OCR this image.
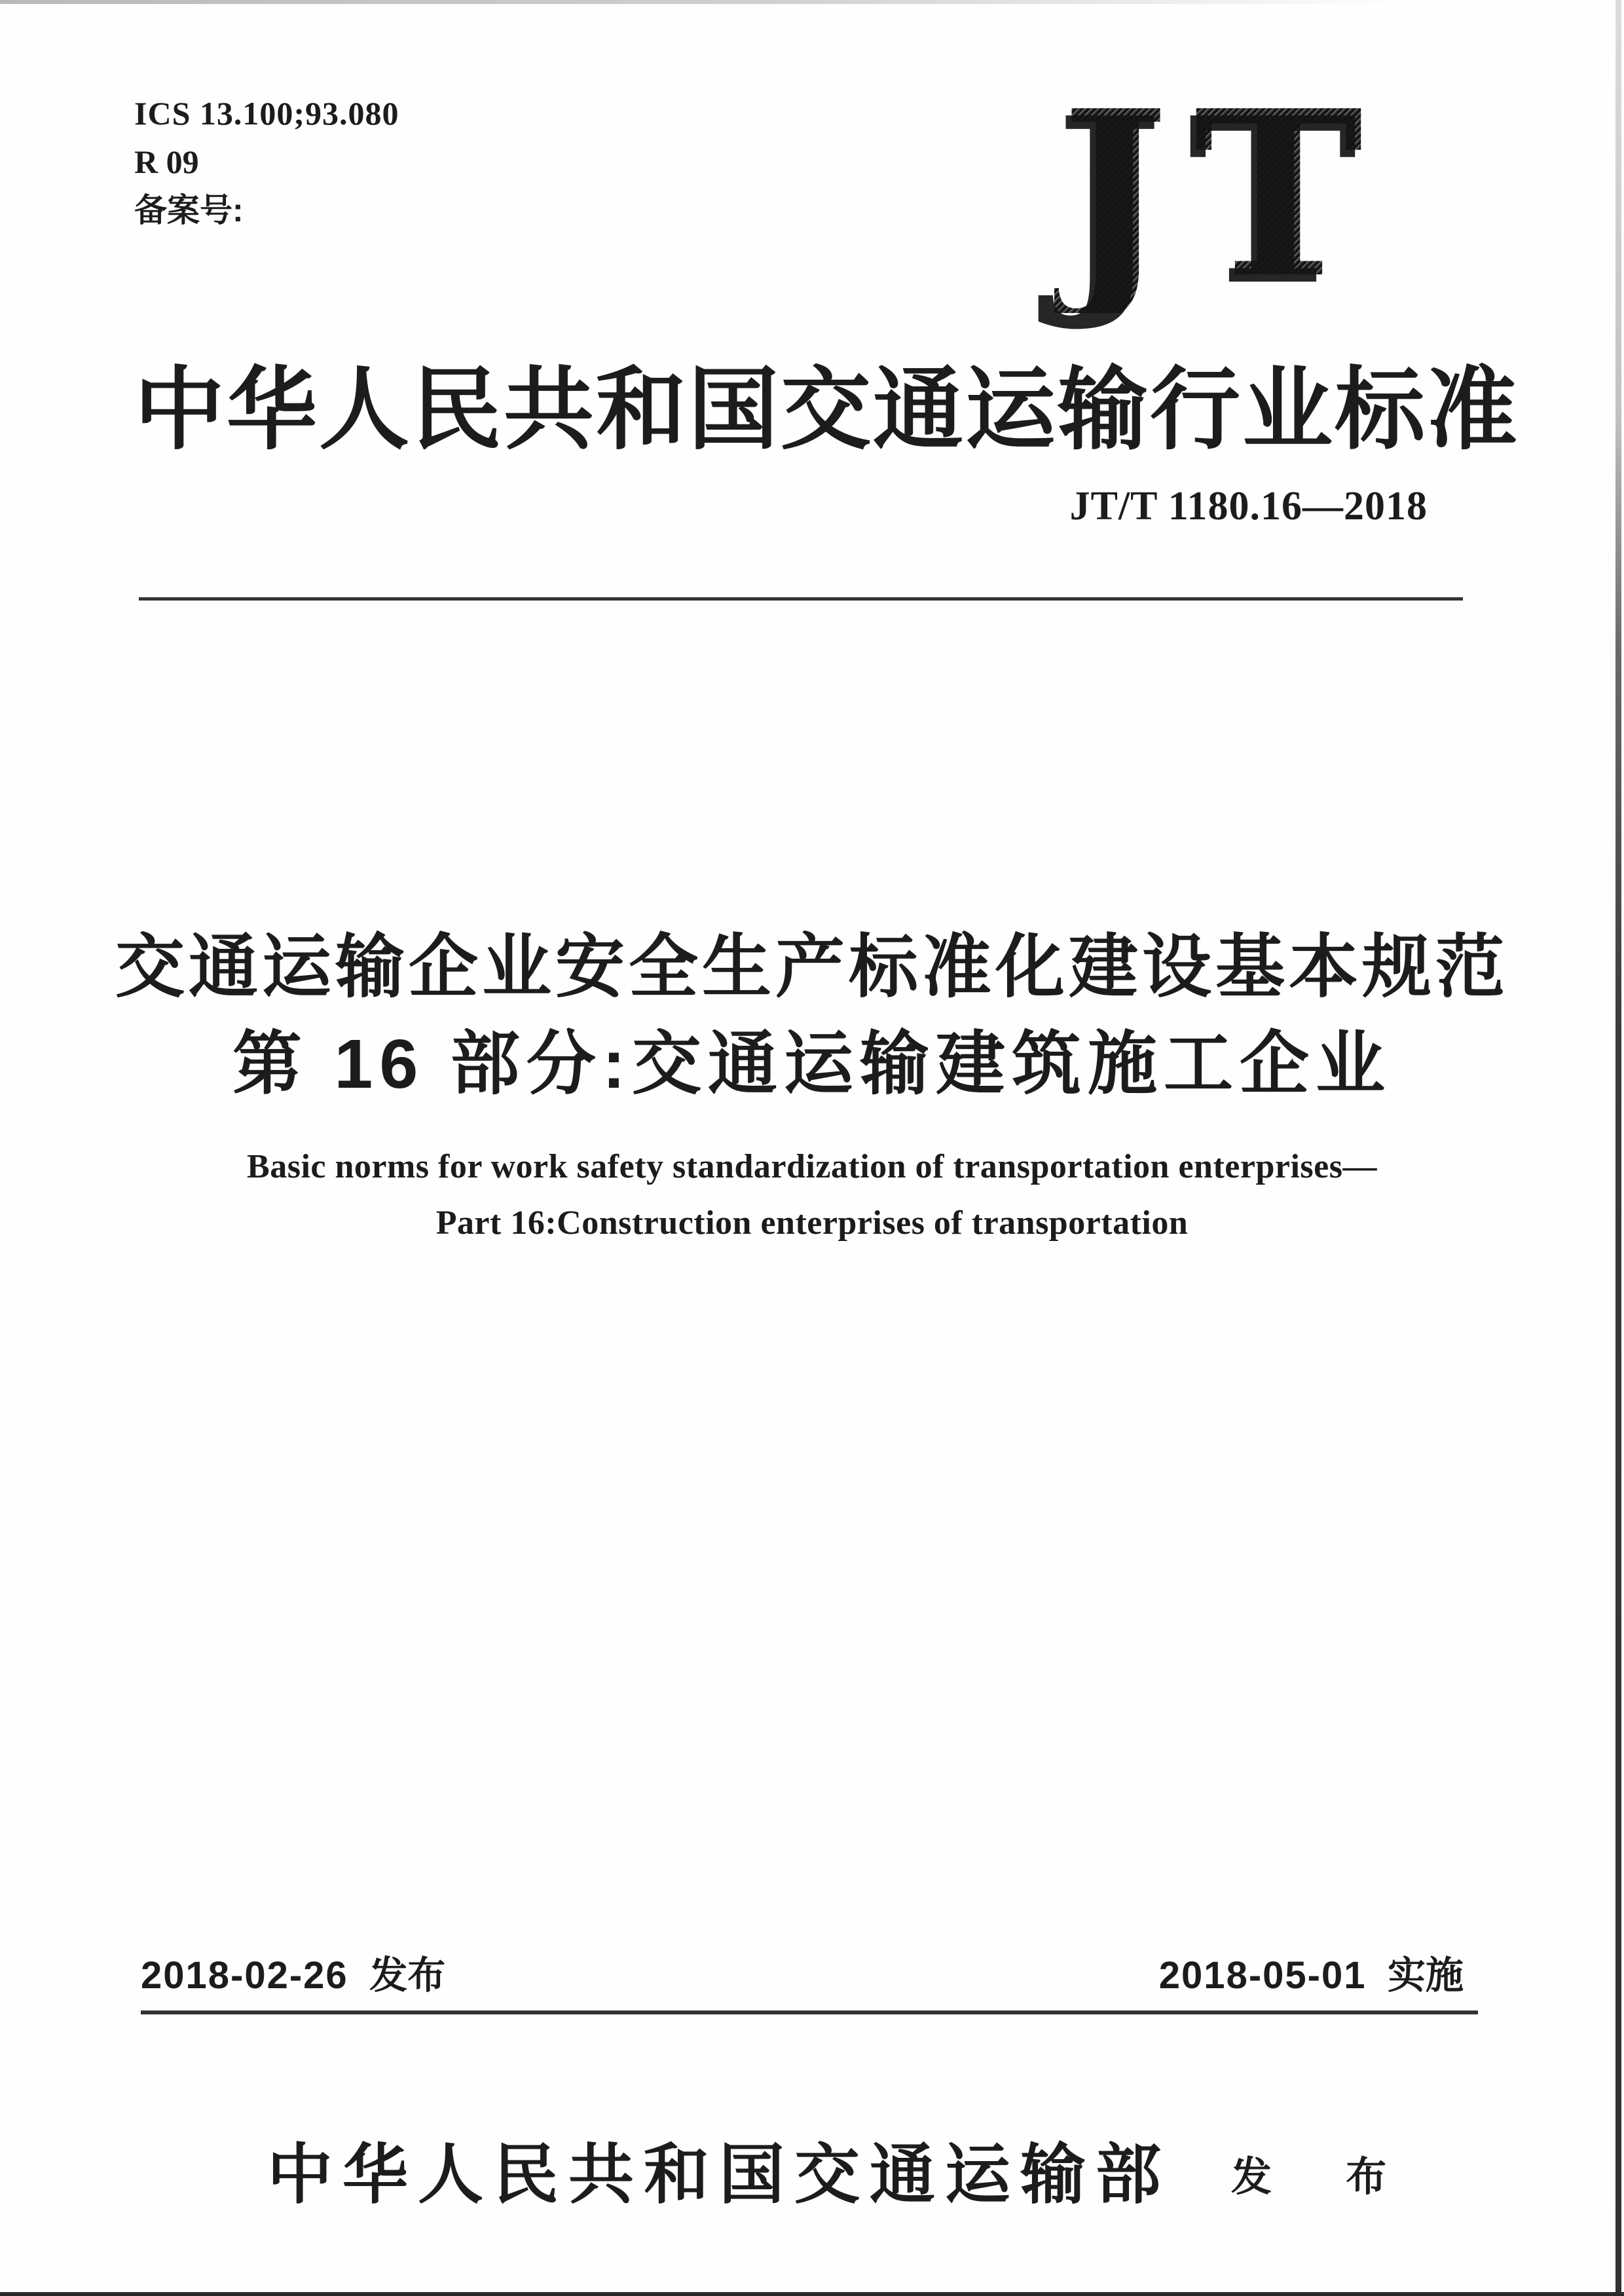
ICS 13.100;93.080
R 09
备案号:	JT
中华人民共和国交通运输行业标准
JT/T 1180.16—2018
交通运输企业安全生产标准化建设基本规范
第 16 部分:交通运输建筑施工企业
Basic norms for work safety standardization of transportation enterprises—
Part 16:Construction enterprises of transportation
2018-02-26 发布	2018-05-01 实施
中华人民共和国交通运输部 发 布
